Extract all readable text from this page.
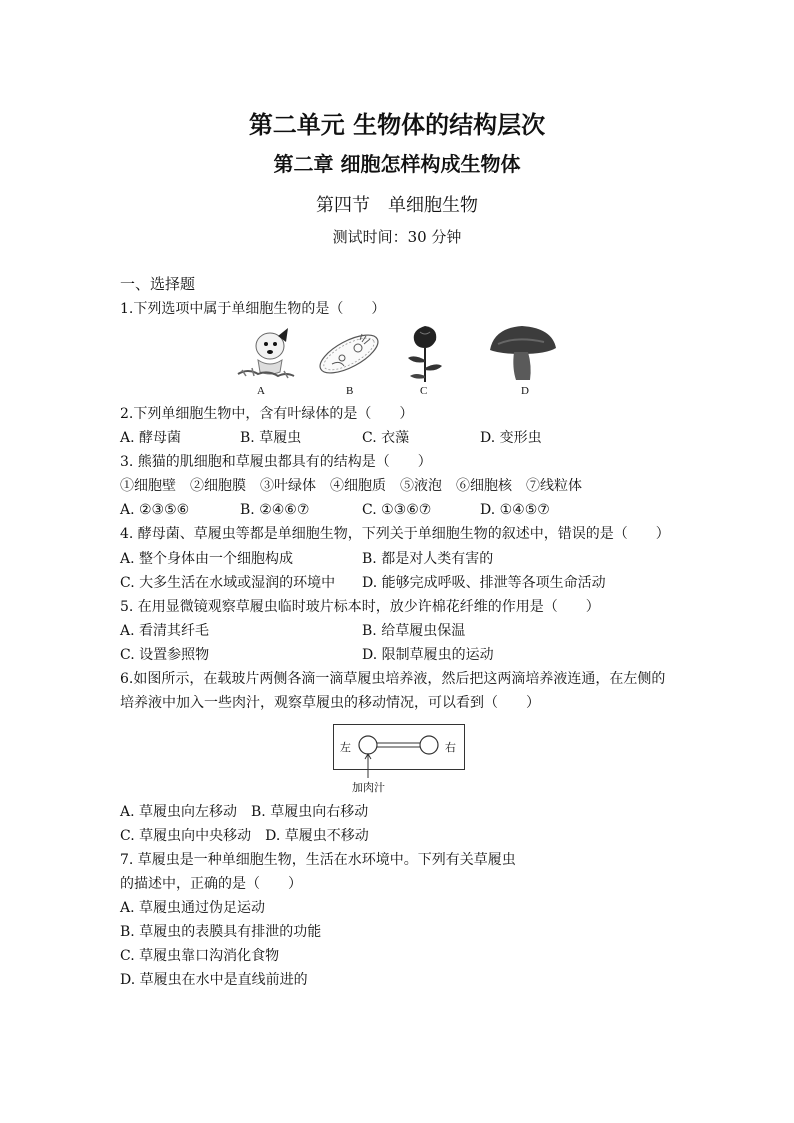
第二单元 生物体的结构层次
第二章 细胞怎样构成生物体
第四节　单细胞生物
测试时间：30 分钟
一、选择题
1.下列选项中属于单细胞生物的是（　　）
A	B	C	D
2.下列单细胞生物中，含有叶绿体的是（　　）
A. 酵母菌	B. 草履虫	C. 衣藻	D. 变形虫
3. 熊猫的肌细胞和草履虫都具有的结构是（　　）
①细胞壁　②细胞膜　③叶绿体　④细胞质　⑤液泡　⑥细胞核　⑦线粒体
A. ②③⑤⑥	B. ②④⑥⑦	C. ①③⑥⑦	D. ①④⑤⑦
4. 酵母菌、草履虫等都是单细胞生物，下列关于单细胞生物的叙述中，错误的是（　　）
A. 整个身体由一个细胞构成	B. 都是对人类有害的
C. 大多生活在水域或湿润的环境中 D. 能够完成呼吸、排泄等各项生命活动
5. 在用显微镜观察草履虫临时玻片标本时，放少许棉花纤维的作用是（　　）
A. 看清其纤毛	B. 给草履虫保温
C. 设置参照物	D. 限制草履虫的运动
6.如图所示，在载玻片两侧各滴一滴草履虫培养液，然后把这两滴培养液连通，在左侧的
培养液中加入一些肉汁，观察草履虫的移动情况，可以看到（　　）
左	右
加肉汁
A. 草履虫向左移动　B. 草履虫向右移动
C. 草履虫向中央移动　D. 草履虫不移动
7. 草履虫是一种单细胞生物，生活在水环境中。下列有关草履虫
的描述中，正确的是（　　）
A. 草履虫通过伪足运动
B. 草履虫的表膜具有排泄的功能
C. 草履虫靠口沟消化食物
D. 草履虫在水中是直线前进的
